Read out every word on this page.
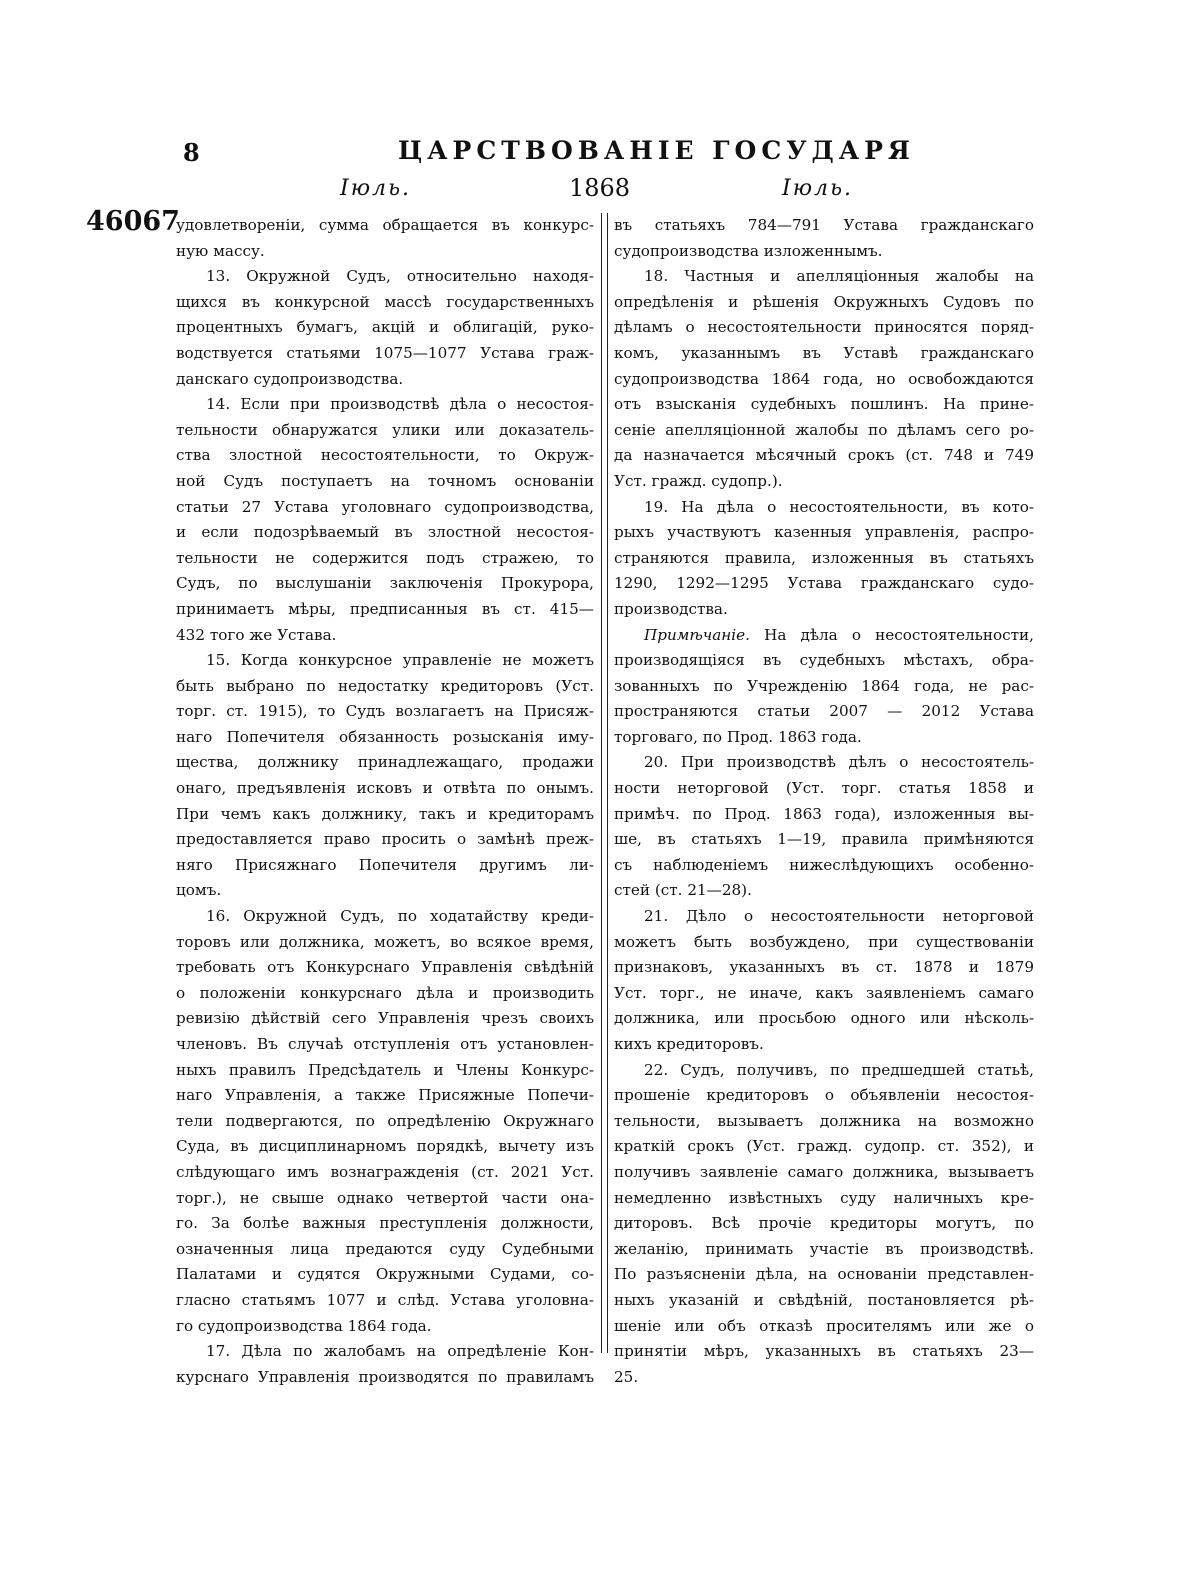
8	ЦАРСТВОВАНІЕ ГОСУДАРЯ
Іюль.	1868	Іюль.
46067
удовлетвореніи, сумма обращается въ конкурс-
ную массу.
13. Окружной Судъ, относительно находя-
щихся въ конкурсной массѣ государственныхъ
процентныхъ бумагъ, акцій и облигацій, руко-
водствуется статьями 1075—1077 Устава граж-
данскаго судопроизводства.
14. Если при производствѣ дѣла о несостоя-
тельности обнаружатся улики или доказатель-
ства злостной несостоятельности, то Окруж-
ной Судъ поступаетъ на точномъ основаніи
статьи 27 Устава уголовнаго судопроизводства,
и если подозрѣваемый въ злостной несостоя-
тельности не содержится подъ стражею, то
Судъ, по выслушаніи заключенія Прокурора,
принимаетъ мѣры, предписанныя въ ст. 415—
432 того же Устава.
15. Когда конкурсное управленіе не можетъ
быть выбрано по недостатку кредиторовъ (Уст.
торг. ст. 1915), то Судъ возлагаетъ на Присяж-
наго Попечителя обязанность розысканія иму-
щества, должнику принадлежащаго, продажи
онаго, предъявленія исковъ и отвѣта по онымъ.
При чемъ какъ должнику, такъ и кредиторамъ
предоставляется право просить о замѣнѣ преж-
няго Присяжнаго Попечителя другимъ ли-
цомъ.
16. Окружной Судъ, по ходатайству креди-
торовъ или должника, можетъ, во всякое время,
требовать отъ Конкурснаго Управленія свѣдѣній
о положеніи конкурснаго дѣла и производить
ревизію дѣйствій сего Управленія чрезъ своихъ
членовъ. Въ случаѣ отступленія отъ установлен-
ныхъ правилъ Предсѣдатель и Члены Конкурс-
наго Управленія, а также Присяжные Попечи-
тели подвергаются, по опредѣленію Окружнаго
Суда, въ дисциплинарномъ порядкѣ, вычету изъ
слѣдующаго имъ вознагражденія (ст. 2021 Уст.
торг.), не свыше однако четвертой части она-
го. За болѣе важныя преступленія должности,
означенныя лица предаются суду Судебными
Палатами и судятся Окружными Судами, со-
гласно статьямъ 1077 и слѣд. Устава уголовна-
го судопроизводства 1864 года.
17. Дѣла по жалобамъ на опредѣленіе Кон-
курснаго Управленія производятся по правиламъ
въ статьяхъ 784—791 Устава гражданскаго
судопроизводства изложеннымъ.
18. Частныя и апелляціонныя жалобы на
опредѣленія и рѣшенія Окружныхъ Судовъ по
дѣламъ о несостоятельности приносятся поряд-
комъ, указаннымъ въ Уставѣ гражданскаго
судопроизводства 1864 года, но освобождаются
отъ взысканія судебныхъ пошлинъ. На прине-
сеніе апелляціонной жалобы по дѣламъ сего ро-
да назначается мѣсячный срокъ (ст. 748 и 749
Уст. гражд. судопр.).
19. На дѣла о несостоятельности, въ кото-
рыхъ участвуютъ казенныя управленія, распро-
страняются правила, изложенныя въ статьяхъ
1290, 1292—1295 Устава гражданскаго судо-
производства.
Примѣчаніе. На дѣла о несостоятельности,
производящіяся въ судебныхъ мѣстахъ, обра-
зованныхъ по Учрежденію 1864 года, не рас-
пространяются статьи 2007 — 2012 Устава
торговаго, по Прод. 1863 года.
20. При производствѣ дѣлъ о несостоятель-
ности неторговой (Уст. торг. статья 1858 и
примѣч. по Прод. 1863 года), изложенныя вы-
ше, въ статьяхъ 1—19, правила примѣняются
съ наблюденіемъ нижеслѣдующихъ особенно-
стей (ст. 21—28).
21. Дѣло о несостоятельности неторговой
можетъ быть возбуждено, при существованіи
признаковъ, указанныхъ въ ст. 1878 и 1879
Уст. торг., не иначе, какъ заявленіемъ самаго
должника, или просьбою одного или нѣсколь-
кихъ кредиторовъ.
22. Судъ, получивъ, по предшедшей статьѣ,
прошеніе кредиторовъ о объявленіи несостоя-
тельности, вызываетъ должника на возможно
краткій срокъ (Уст. гражд. судопр. ст. 352), и
получивъ заявленіе самаго должника, вызываетъ
немедленно извѣстныхъ суду наличныхъ кре-
диторовъ. Всѣ прочіе кредиторы могутъ, по
желанію, принимать участіе въ производствѣ.
По разъясненіи дѣла, на основаніи представлен-
ныхъ указаній и свѣдѣній, постановляется рѣ-
шеніе или объ отказѣ просителямъ или же о
принятіи мѣръ, указанныхъ въ статьяхъ 23—
25.
